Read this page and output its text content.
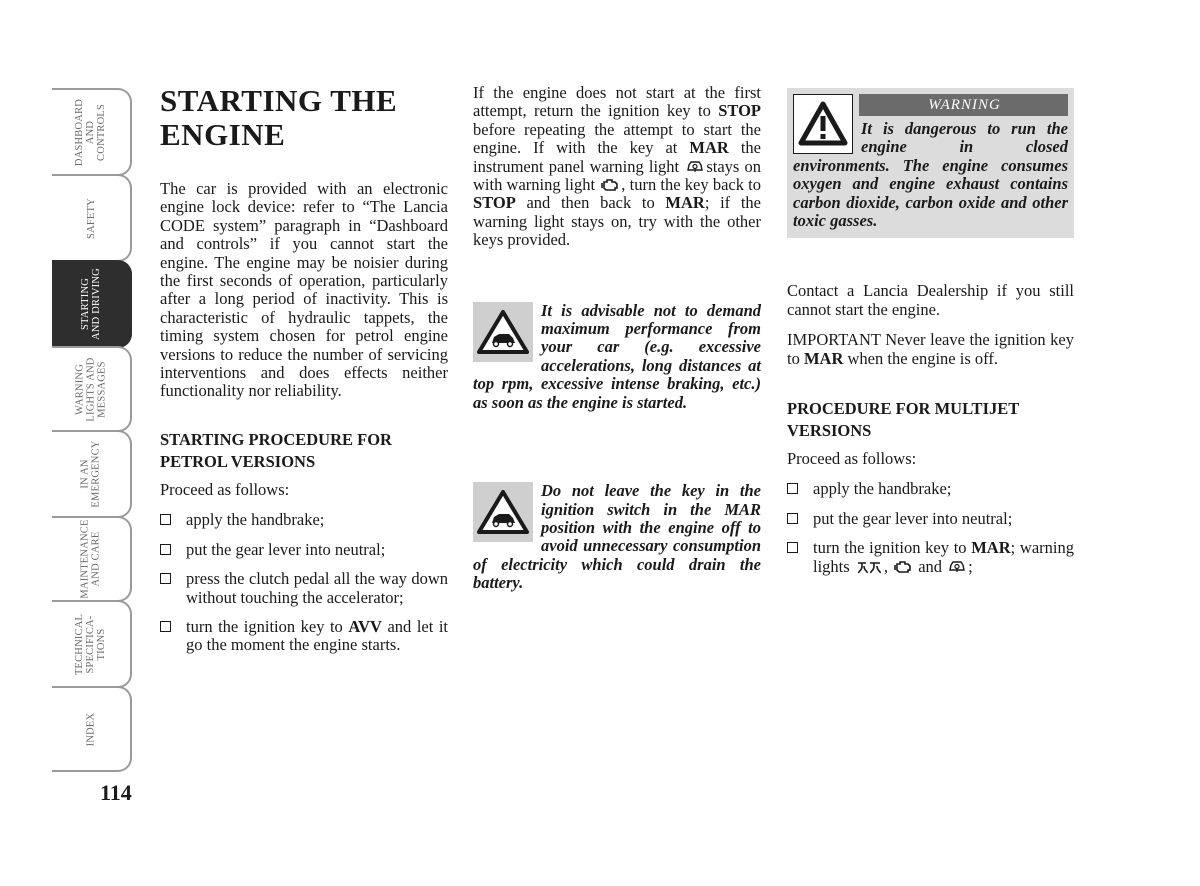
DASHBOARD
AND
CONTROLS
SAFETY
STARTING
AND DRIVING
WARNING
LIGHTS AND
MESSAGES
IN AN
EMERGENCY
MAINTENANCE
AND CARE
TECHNICAL
SPECIFICA-
TIONS
INDEX
114
STARTING THE ENGINE

The car is provided with an electronic engine lock device: refer to “The Lancia CODE system” paragraph in “Dashboard and controls” if you cannot start the engine. The engine may be noisier during the first seconds of operation, particularly after a long period of inactivity. This is characteristic of hydraulic tappets, the timing system chosen for petrol engine versions to reduce the number of servicing interventions and does effects neither functionality nor reliability.

STARTING PROCEDURE FOR PETROL VERSIONS

Proceed as follows:

apply the handbrake;
put the gear lever into neutral;
press the clutch pedal all the way down without touching the accelerator;
turn the ignition key to AVV and let it go the moment the engine starts.

If the engine does not start at the first attempt, return the ignition key to STOP before repeating the attempt to start the engine. If with the key at MAR the instrument panel warning light stays on with warning light , turn the key back to STOP and then back to MAR; if the warning light stays on, try with the other keys provided.

It is advisable not to demand maximum performance from your car (e.g. excessive accelerations, long distances at top rpm, excessive intense braking, etc.) as soon as the engine is started.
Do not leave the key in the ignition switch in the MAR position with the engine off to avoid unnecessary consumption of electricity which could drain the battery.
WARNING
It is dangerous to run the engine in closed environments. The engine consumes oxygen and engine exhaust contains carbon dioxide, carbon oxide and other toxic gasses.

Contact a Lancia Dealership if you still cannot start the engine.

IMPORTANT Never leave the ignition key to MAR when the engine is off.

PROCEDURE FOR MULTIJET VERSIONS

Proceed as follows:

apply the handbrake;
put the gear lever into neutral;
turn the ignition key to MAR; warning lights ,  and ;
